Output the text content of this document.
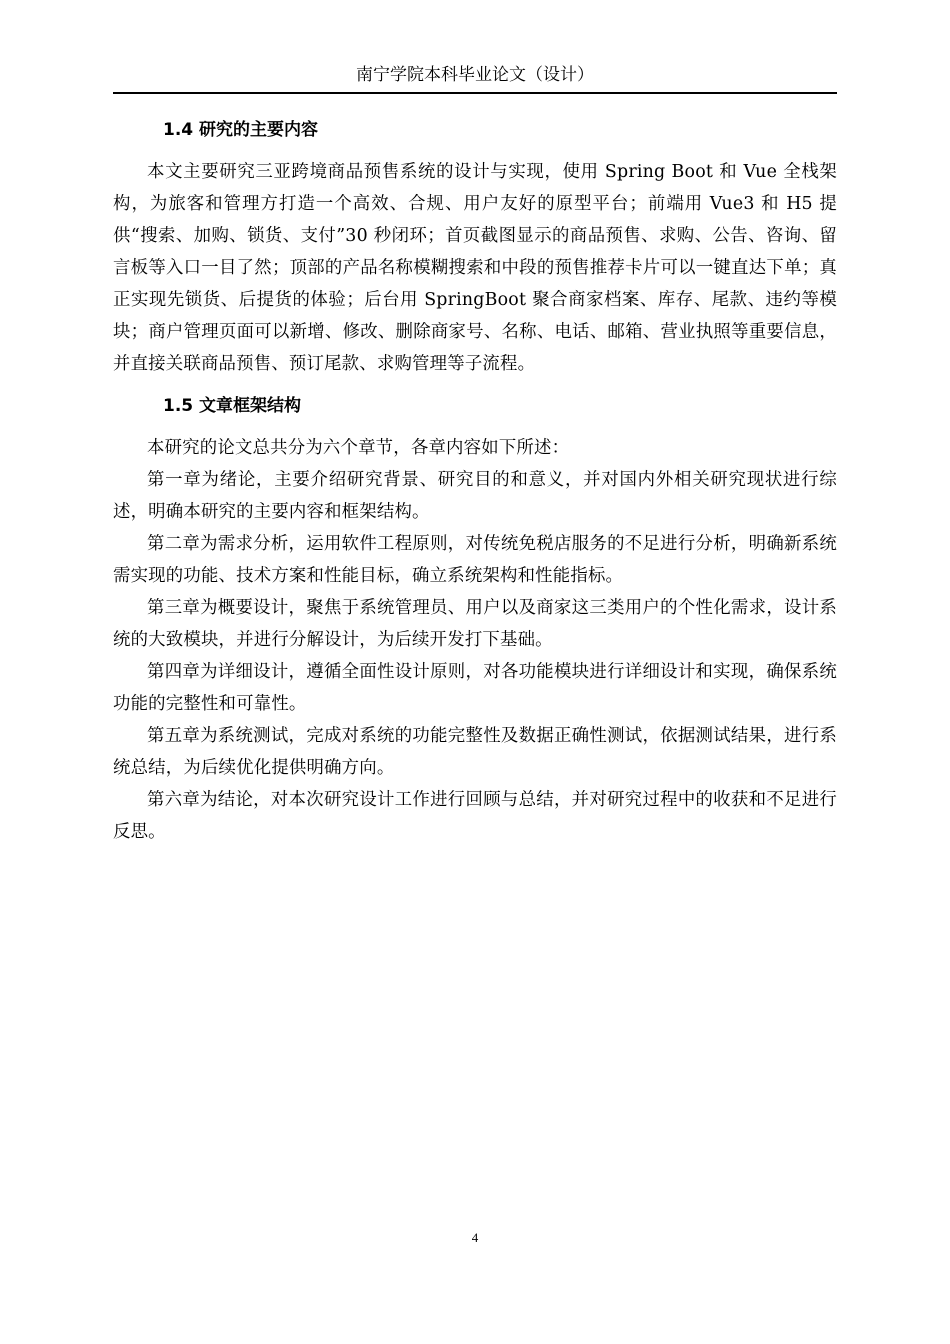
南宁学院本科毕业论文（设计）
1.4 研究的主要内容

本文主要研究三亚跨境商品预售系统的设计与实现，使用 Spring Boot 和 Vue 全栈架构，为旅客和管理方打造一个高效、合规、用户友好的原型平台；前端用 Vue3 和 H5 提供“搜索、加购、锁货、支付”30 秒闭环；首页截图显示的商品预售、求购、公告、咨询、留言板等入口一目了然；顶部的产品名称模糊搜索和中段的预售推荐卡片可以一键直达下单；真正实现先锁货、后提货的体验；后台用 SpringBoot 聚合商家档案、库存、尾款、违约等模块；商户管理页面可以新增、修改、删除商家号、名称、电话、邮箱、营业执照等重要信息，并直接关联商品预售、预订尾款、求购管理等子流程。

1.5 文章框架结构

本研究的论文总共分为六个章节，各章内容如下所述：

第一章为绪论，主要介绍研究背景、研究目的和意义，并对国内外相关研究现状进行综述，明确本研究的主要内容和框架结构。

第二章为需求分析，运用软件工程原则，对传统免税店服务的不足进行分析，明确新系统需实现的功能、技术方案和性能目标，确立系统架构和性能指标。

第三章为概要设计，聚焦于系统管理员、用户以及商家这三类用户的个性化需求，设计系统的大致模块，并进行分解设计，为后续开发打下基础。

第四章为详细设计，遵循全面性设计原则，对各功能模块进行详细设计和实现，确保系统功能的完整性和可靠性。

第五章为系统测试，完成对系统的功能完整性及数据正确性测试，依据测试结果，进行系统总结，为后续优化提供明确方向。

第六章为结论，对本次研究设计工作进行回顾与总结，并对研究过程中的收获和不足进行反思。

4
